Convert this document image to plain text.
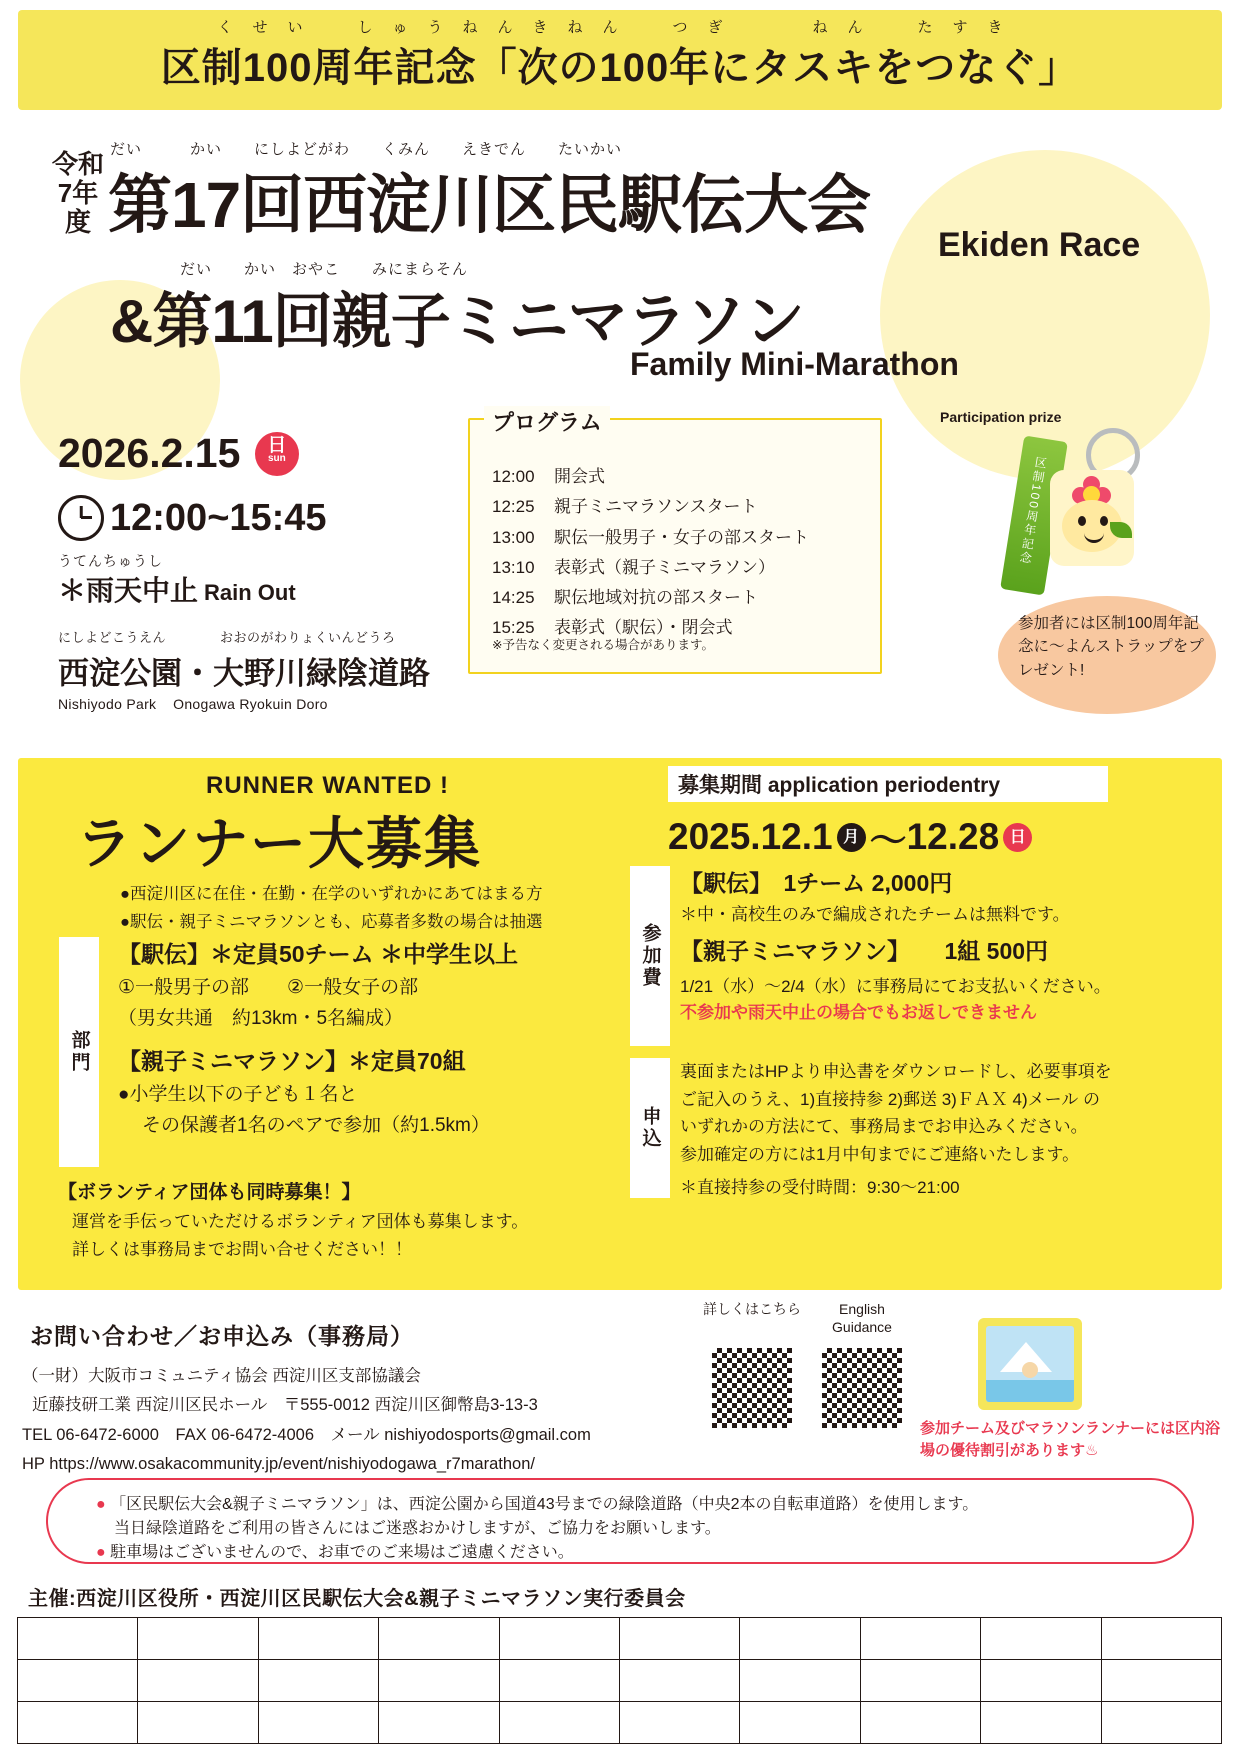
くせい　しゅうねんきねん　つぎ　　ねん　たすき
区制100周年記念「次の100年にタスキをつなぐ」
令和7年度
だい　　　かい　　にしよどがわ　　くみん　　えきでん　　たいかい
第17回西淀川区民駅伝大会
Ekiden Race
だい　　かい　おやこ　　みにまらそん
&第11回親子ミニマラソン
Family Mini-Marathon
2026.2.15	日
sun
12:00~15:45
うてんちゅうし
＊雨天中止 Rain Out
にしよどこうえん　　　　おおのがわりょくいんどうろ
西淀公園・大野川緑陰道路
Nishiyodo Park Onogawa Ryokuin Doro
プログラム
12:00 開会式
12:25 親子ミニマラソンスタート
13:00 駅伝一般男子・女子の部スタート
13:10 表彰式（親子ミニマラソン）
14:25 駅伝地域対抗の部スタート
15:25 表彰式（駅伝）・閉会式
※予告なく変更される場合があります。
Participation prize
区制100周年記念
参加者には区制100周年記念に～よんストラップをプレゼント!
RUNNER WANTED !
ランナー大募集
●西淀川区に在住・在勤・在学のいずれかにあてはまる方
●駅伝・親子ミニマラソンとも、応募者多数の場合は抽選
部門
【駅伝】＊定員50チーム ＊中学生以上
①一般男子の部　　②一般女子の部
（男女共通　約13km・5名編成）
【親子ミニマラソン】＊定員70組
●小学生以下の子ども１名と
その保護者1名のペアで参加（約1.5km）
【ボランティア団体も同時募集！】
運営を手伝っていただけるボランティア団体も募集します。
詳しくは事務局までお問い合せください！！
募集期間 application periodentry
2025.12.1 月 ～ 12.28 日
参加費
【駅伝】　1チーム 2,000円
＊中・高校生のみで編成されたチームは無料です。
【親子ミニマラソン】　　1組 500円
1/21（水）～2/4（水）に事務局にてお支払いください。
不参加や雨天中止の場合でもお返しできません
申込
裏面またはHPより申込書をダウンロードし、必要事項を
ご記入のうえ、1)直接持参 2)郵送 3)ＦＡＸ 4)メール の
いずれかの方法にて、事務局までお申込みください。
参加確定の方には1月中旬までにご連絡いたします。
＊直接持参の受付時間：9:30～21:00
お問い合わせ／お申込み（事務局）
（一財）大阪市コミュニティ協会 西淀川区支部協議会
近藤技研工業 西淀川区民ホール　〒555-0012 西淀川区御幣島3-13-3
TEL 06-6472-6000　FAX 06-6472-4006　メール nishiyodosports@gmail.com
HP https://www.osakacommunity.jp/event/nishiyodogawa_r7marathon/
詳しくはこちら	English Guidance
参加チーム及びマラソンランナーには区内浴場の優待割引があります♨

● 「区民駅伝大会&親子ミニマラソン」は、西淀公園から国道43号までの緑陰道路（中央2本の自転車道路）を使用します。

当日緑陰道路をご利用の皆さんにはご迷惑おかけしますが、ご協力をお願いします。

● 駐車場はございませんので、お車でのご来場はご遠慮ください。

主催:西淀川区役所・西淀川区民駅伝大会&親子ミニマラソン実行委員会
